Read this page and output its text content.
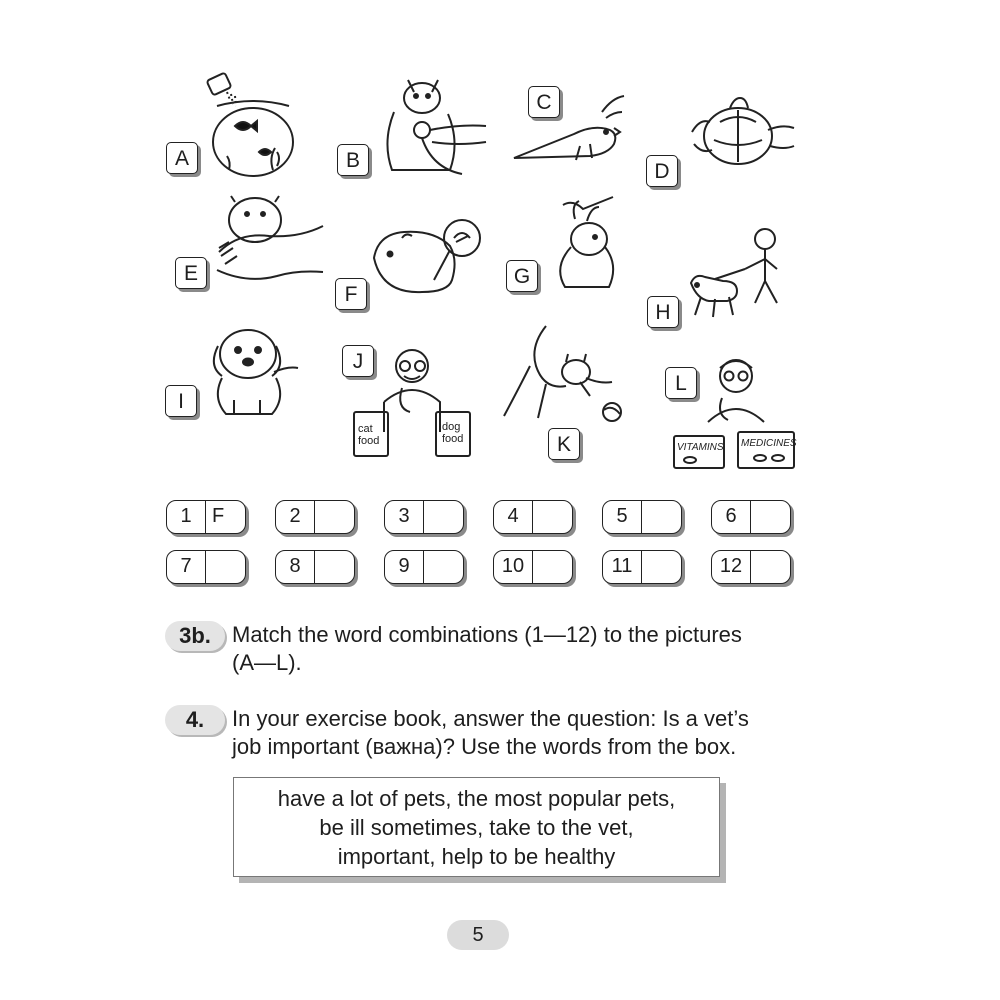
A	B
C
D
E
F
G
H
I
cat
food
dog
food
J
K	VITAMINS MEDICINES
L
1	F	2	3	4	5	6
7	8	9	10	11	12
3b. Match the word combinations (1—12) to the pictures
(A—L).
4.	In your exercise book, answer the question: Is a vet’s
job important (важна)? Use the words from the box.
have a lot of pets, the most popular pets,
be ill sometimes, take to the vet,
important, help to be healthy
5
